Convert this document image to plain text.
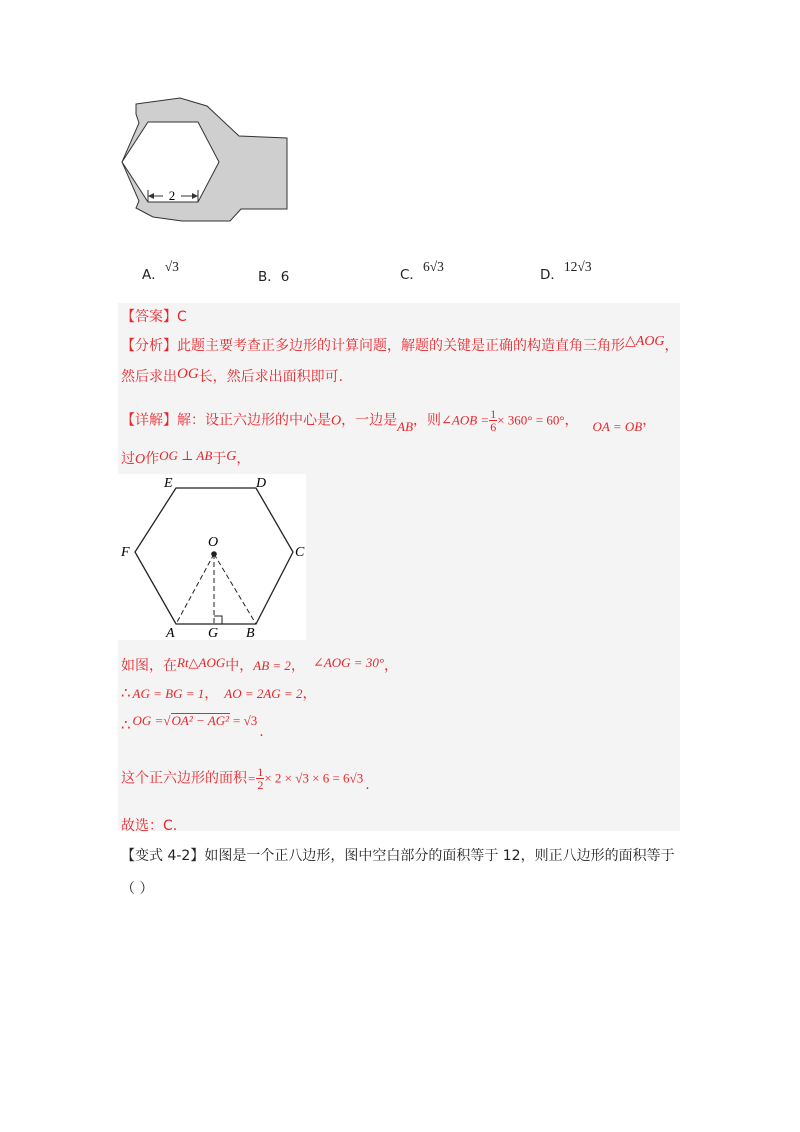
2
A．√3
B．6	C．6√3
D．12√3
【答案】C
【分析】此题主要考查正多边形的计算问题，解题的关键是正确的构造直角三角形△AOG，
然后求出OG长，然后求出面积即可.
【详解】解：设正六边形的中心是O，一边是AB，则∠AOB = $\frac{1}{6} \times 360^\circ = 60^\circ$， OA = OB，
过O作OG ⊥ AB于G，
E	D
F	C
O
A G B
如图，在Rt△AOG中，AB = 2， ∠AOG = 30°，
∴ AG = BG = 1， AO = 2AG = 2，
∴ OG =√OA² − AG² = √3.
这个正六边形的面积= $\frac{1}{2} \times 2 \times √3 \times 6 = 6√3$ .
故选：C.
【变式 4-2】如图是一个正八边形，图中空白部分的面积等于 12，则正八边形的面积等于
（ ）
